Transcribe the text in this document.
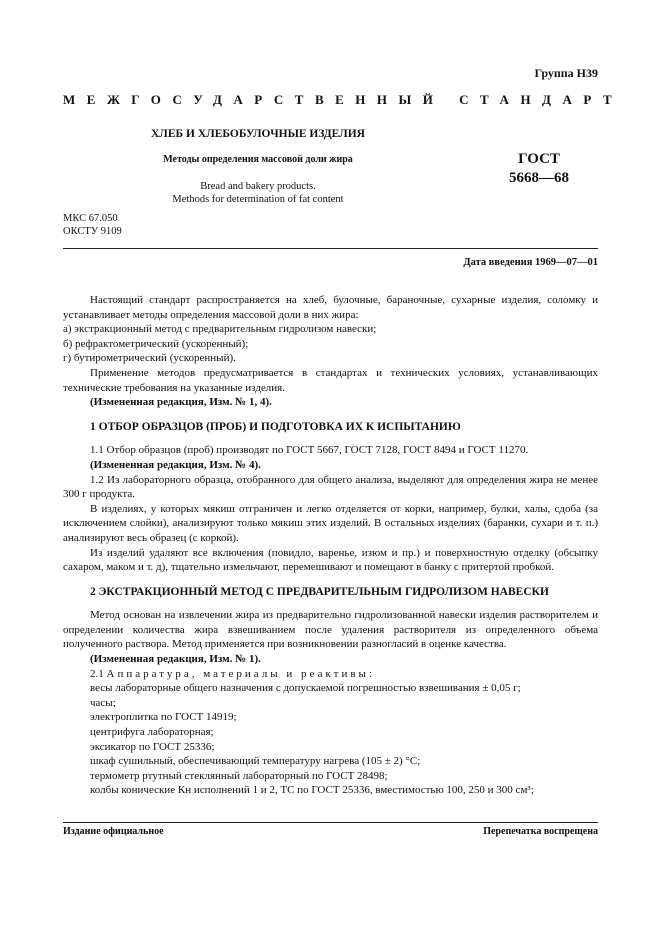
Группа Н39
МЕЖГОСУДАРСТВЕННЫЙ СТАНДАРТ
ХЛЕБ И ХЛЕБОБУЛОЧНЫЕ ИЗДЕЛИЯ
Методы определения массовой доли жира
Bread and bakery products.
Methods for determination of fat content
ГОСТ
5668—68
МКС 67.050
ОКСТУ 9109
Дата введения 1969—07—01

Настоящий стандарт распространяется на хлеб, булочные, бараночные, сухарные изделия, соломку и устанавливает методы определения массовой доли в них жира:

а) экстракционный метод с предварительным гидролизом навески;

б) рефрактометрический (ускоренный);

г) бутирометрический (ускоренный).

Применение методов предусматривается в стандартах и технических условиях, устанавливающих технические требования на указанные изделия.

(Измененная редакция, Изм. № 1, 4).

1 ОТБОР ОБРАЗЦОВ (ПРОБ) И ПОДГОТОВКА ИХ К ИСПЫТАНИЮ

1.1 Отбор образцов (проб) производят по ГОСТ 5667, ГОСТ 7128, ГОСТ 8494 и ГОСТ 11270.

(Измененная редакция, Изм. № 4).

1.2 Из лабораторного образца, отобранного для общего анализа, выделяют для определения жира не менее 300 г продукта.

В изделиях, у которых мякиш отграничен и легко отделяется от корки, например, булки, халы, сдоба (за исключением слойки), анализируют только мякиш этих изделий. В остальных изделиях (баранки, сухари и т. п.) анализируют весь образец (с коркой).

Из изделий удаляют все включения (повидло, варенье, изюм и пр.) и поверхностную отделку (обсыпку сахаром, маком и т. д), тщательно измельчают, перемешивают и помещают в банку с притертой пробкой.

2 ЭКСТРАКЦИОННЫЙ МЕТОД С ПРЕДВАРИТЕЛЬНЫМ ГИДРОЛИЗОМ НАВЕСКИ

Метод основан на извлечении жира из предварительно гидролизованной навески изделия растворителем и определении количества жира взвешиванием после удаления растворителя из определенного объема полученного раствора. Метод применяется при возникновении разногласий в оценке качества.

(Измененная редакция, Изм. № 1).

2.1 Аппаратура, материалы и реактивы:

весы лабораторные общего назначения с допускаемой погрешностью взвешивания ± 0,05 г;

часы;

электроплитка по ГОСТ 14919;

центрифуга лабораторная;

эксикатор по ГОСТ 25336;

шкаф сушильный, обеспечивающий температуру нагрева (105 ± 2) °С;

термометр ртутный стеклянный лабораторный по ГОСТ 28498;

колбы конические Кн исполнений 1 и 2, ТС по ГОСТ 25336, вместимостью 100, 250 и 300 см³;

Издание официальное	Перепечатка воспрещена
